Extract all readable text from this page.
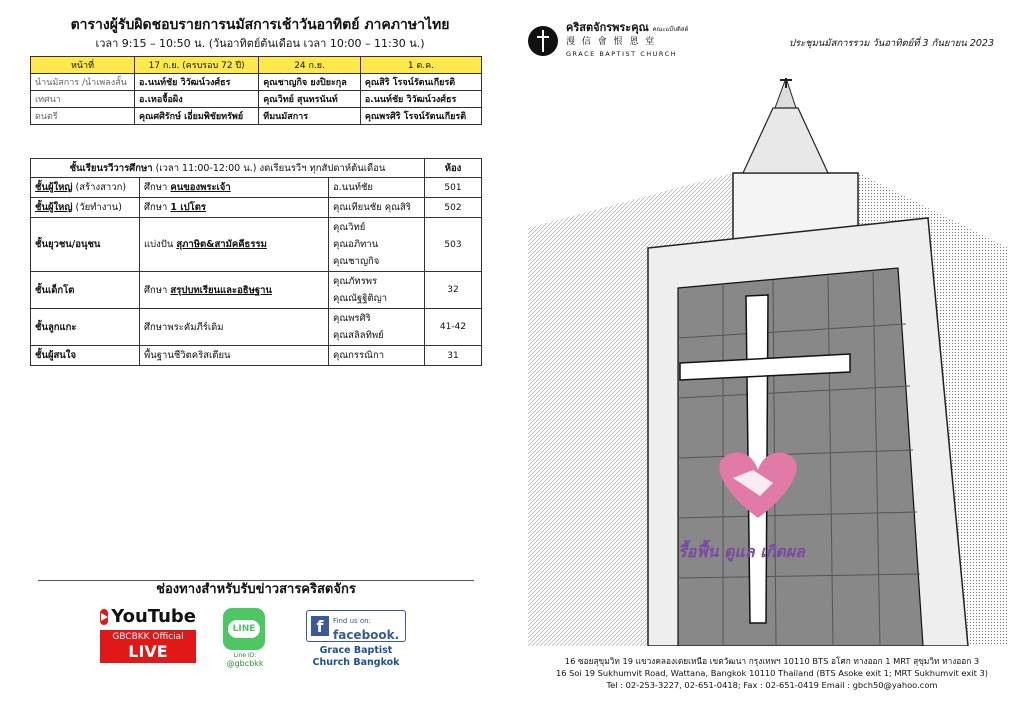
ตารางผู้รับผิดชอบรายการนมัสการเช้าวันอาทิตย์ ภาคภาษาไทย
เวลา 9:15 – 10:50 น. (วันอาทิตย์ต้นเดือน เวลา 10:00 – 11:30 น.)
หน้าที่	17 ก.ย. (ครบรอบ 72 ปี)	24 ก.ย.	1 ต.ค.
นำนมัสการ /นำเพลงสั้น	อ.นนท์ชัย วิวัฒน์วงศ์ธร	คุณชาญกิจ ยงปิยะกุล	คุณสิริ โรจน์รัตนเกียรติ
เทศนา	อ.เหอจื้อผิง	คุณวิทย์ สุนทรนันท์	อ.นนท์ชัย วิวัฒน์วงศ์ธร
ดนตรี	คุณศศิรักษ์ เอี่ยมพิชัยทรัพย์	ทีมนมัสการ	คุณพรศิริ โรจน์รัตนเกียรติ
ชั้นเรียนรวีวารศึกษา (เวลา 11:00-12:00 น.) งดเรียนรวีฯ ทุกสัปดาห์ต้นเดือน			ห้อง
ชั้นผู้ใหญ่ (สร้างสาวก)	ศึกษา คนของพระเจ้า	อ.นนท์ชัย	501
ชั้นผู้ใหญ่ (วัยทำงาน)	ศึกษา 1 เปโตร	คุณเทียนชัย คุณสิริ	502
ชั้นยุวชน/อนุชน	แบ่งปัน สุภาษิต&สามัคคีธรรม	คุณวิทย์
คุณอภิทาน
คุณชาญกิจ	503
ชั้นเด็กโต	ศึกษา สรุปบทเรียนและอธิษฐาน	คุณภัทรพร
คุณณัฐฐิติญา	32
ชั้นลูกแกะ	ศึกษาพระคัมภีร์เดิม	คุณพรศิริ
คุณสลิลทิพย์	41-42
ชั้นผู้สนใจ	พื้นฐานชีวิตคริสเตียน	คุณกรรณิกา	31
ช่องทางสำหรับรับข่าวสารคริสตจักร
YouTube
GBCBKK Official
LIVE
LINE
Line ID:
@gbcbkk
f	Find us on:
facebook.
Grace Baptist
Church Bangkok
คริสตจักรพระคุณ คณะแบ๊บติสต์
漫 信 會 恨 恩 堂
GRACE BAPTIST CHURCH
ประชุมนมัสการรวม วันอาทิตย์ที่ 3 กันยายน 2023
รื้อฟื้น ดูแล เกิดผล
16 ซอยสุขุมวิท 19 แขวงคลองเตยเหนือ เขตวัฒนา กรุงเทพฯ 10110 BTS อโศก ทางออก 1 MRT สุขุมวิท ทางออก 3
16 Soi 19 Sukhumvit Road, Wattana, Bangkok 10110 Thailand (BTS Asoke exit 1; MRT Sukhumvit exit 3)
Tel : 02-253-3227, 02-651-0418; Fax : 02-651-0419 Email : gbch50@yahoo.com
